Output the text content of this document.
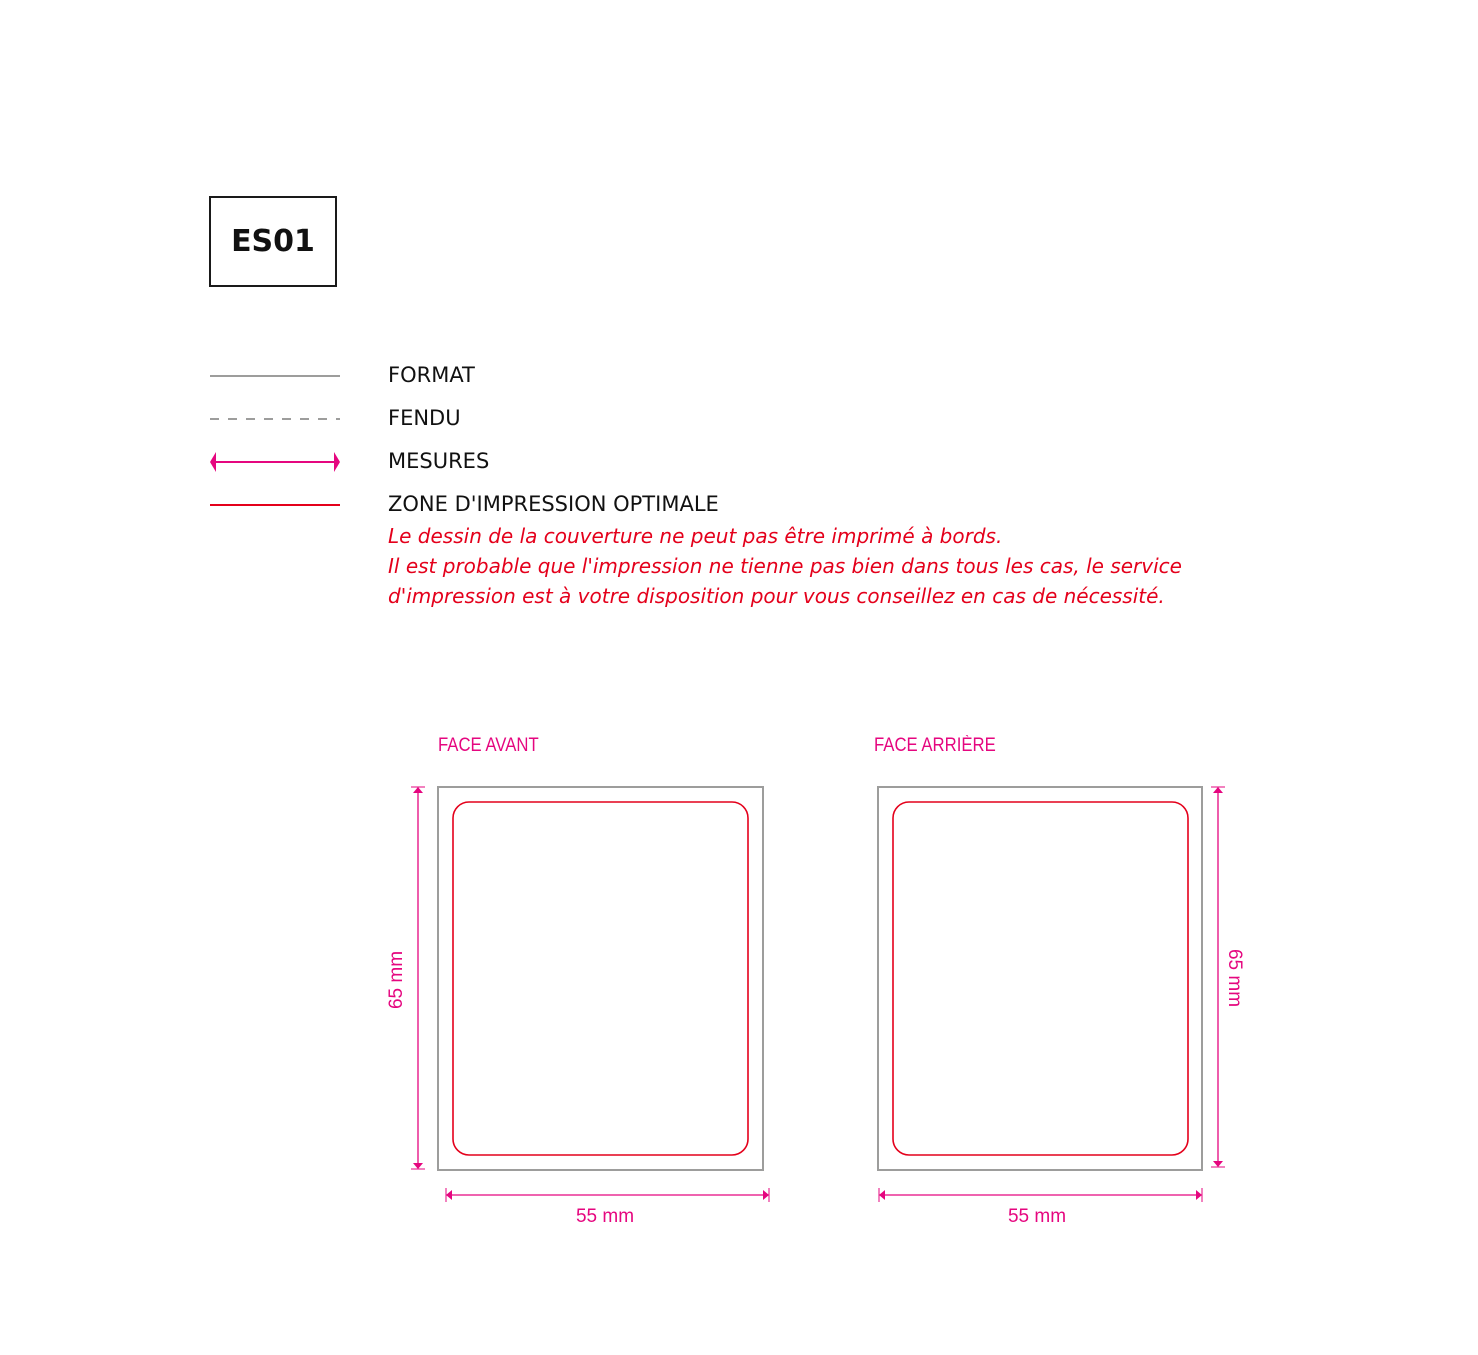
ES01
FORMAT
FENDU
MESURES
ZONE D'IMPRESSION OPTIMALE
Le dessin de la couverture ne peut pas être imprimé à bords.
Il est probable que l'impression ne tienne pas bien dans tous les cas, le service
d'impression est à votre disposition pour vous conseillez en cas de nécessité.
FACE AVANT	FACE ARRIÈRE
65 mm
55 mm
65 mm
55 mm
